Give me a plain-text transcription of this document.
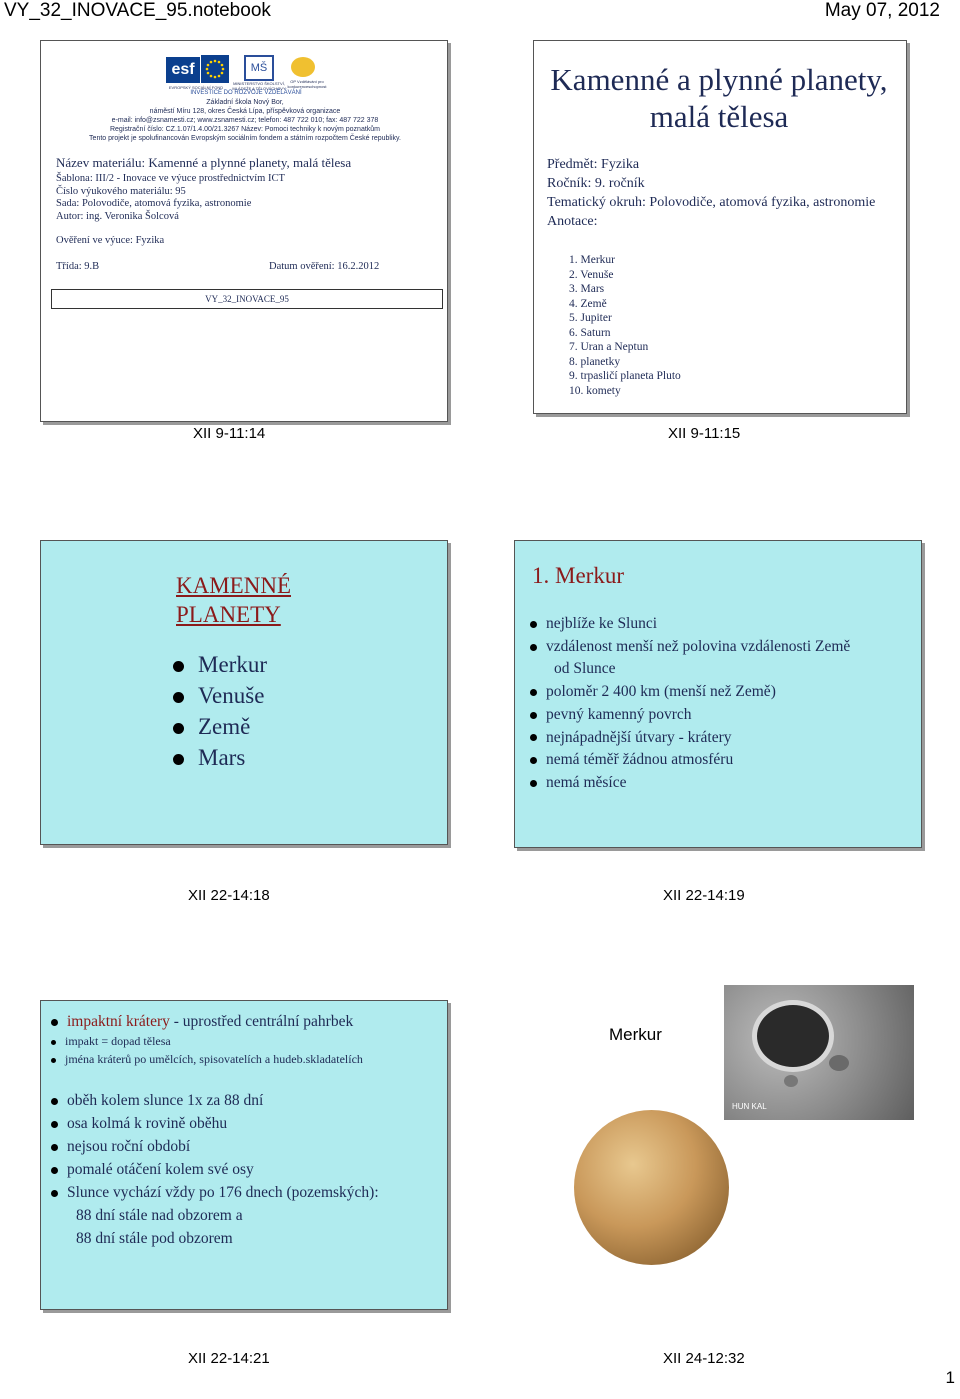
VY_32_INOVACE_95.notebook	May 07, 2012
esf
EVROPSKÝ SOCIÁLNÍ FOND
MŠ
MINISTERSTVO ŠKOLSTVÍ, MLÁDEŽE A TĚLOVÝCHOVY
OP Vzdělávání pro konkurenceschopnost
INVESTICE DO ROZVOJE VZDĚLÁVÁNÍ
Základní škola Nový Bor,
náměstí Míru 128, okres Česká Lípa, příspěvková organizace
e-mail: info@zsnamesti.cz; www.zsnamesti.cz; telefon: 487 722 010; fax: 487 722 378
Registrační číslo: CZ.1.07/1.4.00/21.3267 Název: Pomoci techniky k novým poznatkům
Tento projekt je spolufinancován Evropským sociálním fondem a státním rozpočtem České republiky.
Název materiálu: Kamenné a plynné planety, malá tělesa
Šablona: III/2 - Inovace ve výuce prostřednictvím ICT
Číslo výukového materiálu: 95
Sada: Polovodiče, atomová fyzika, astronomie
Autor: ing. Veronika Šolcová
Ověření ve výuce: Fyzika
Třída: 9.B	Datum ověření: 16.2.2012
VY_32_INOVACE_95
XII 9-11:14
Kamenné a plynné planety, malá tělesa
Předmět: Fyzika
Ročník: 9. ročník
Tematický okruh: Polovodiče, atomová fyzika, astronomie
Anotace:
1. Merkur
2. Venuše
3. Mars
4. Země
5. Jupiter
6. Saturn
7. Uran a Neptun
8. planetky
9. trpasličí planeta Pluto
10. komety
XII 9-11:15
KAMENNÉ
PLANETY
Merkur
Venuše
Země
Mars
XII 22-14:18
1. Merkur
nejblíže ke Slunci
vzdálenost menší než polovina vzdálenosti Země
od Slunce
poloměr 2 400 km (menší než Země)
pevný kamenný povrch
nejnápadnější útvary - krátery
nemá téměř žádnou atmosféru
nemá měsíce
XII 22-14:19
impaktní krátery - uprostřed centrální pahrbek
impakt = dopad tělesa
jména kráterů po umělcích, spisovatelích a hudeb.skladatelích
oběh kolem slunce 1x za 88 dní
osa kolmá k rovině oběhu
nejsou roční období
pomalé otáčení kolem své osy
Slunce vychází vždy po 176 dnech (pozemských):
88 dní stále nad obzorem a
88 dní stále pod obzorem
XII 22-14:21
Merkur
HUN KAL
XII 24-12:32
1
